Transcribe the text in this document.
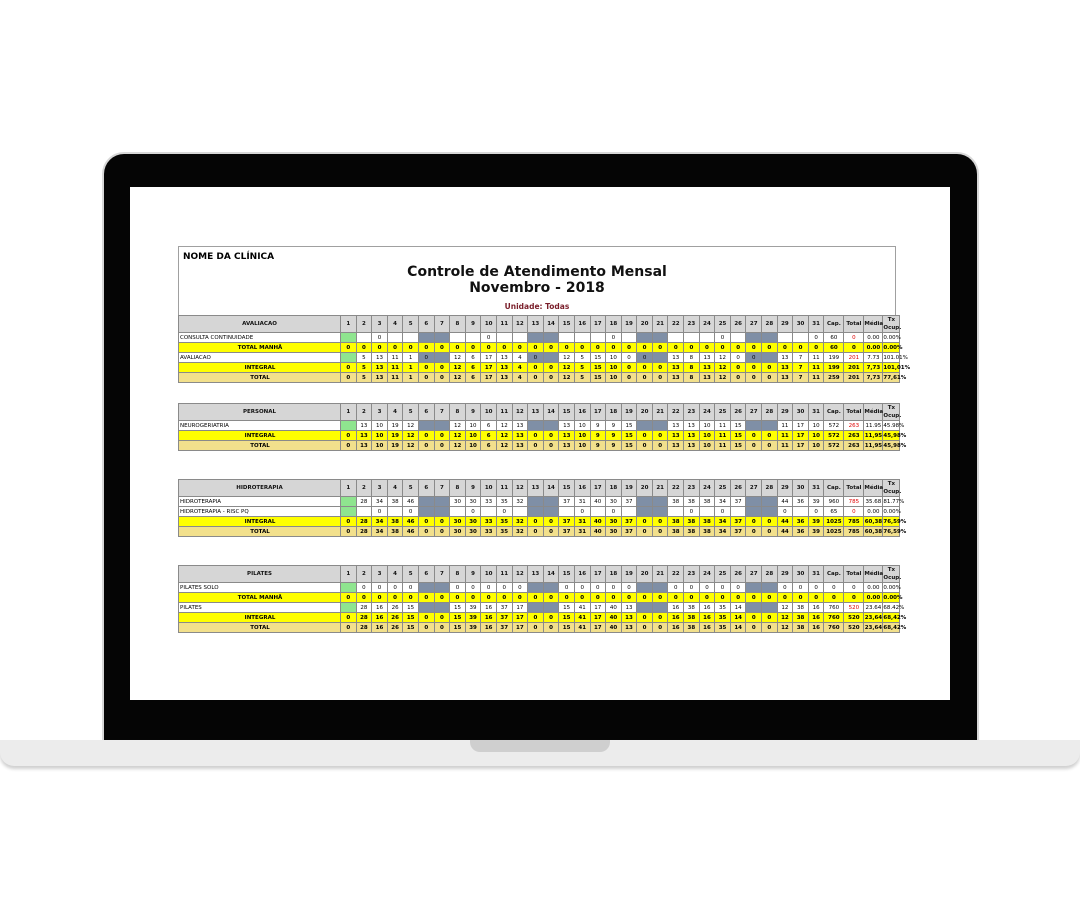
NOME DA CLÍNICA
Controle de Atendimento Mensal
Novembro - 2018
Unidade: Todas
AVALIACAO	1	2	3	4	5	6	7	8	9	10	11	12	13	14	15	16	17	18	19	20	21	22	23	24	25	26	27	28	29	30	31	Cap.	Total	Média	Tx Ocup.
CONSULTA CONTINUIDADE			0							0								0							0						0	60	0	0.00	0.00%
TOTAL MANHÃ	0	0	0	0	0	0	0	0	0	0	0	0	0	0	0	0	0	0	0	0	0	0	0	0	0	0	0	0	0	0	0	60	0	0.00	0.00%
AVALIACAO		5	13	11	1	0		12	6	17	13	4	0		12	5	15	10	0	0		13	8	13	12	0	0		13	7	11	199	201	7.73	101.01%
INTEGRAL	0	5	13	11	1	0	0	12	6	17	13	4	0	0	12	5	15	10	0	0	0	13	8	13	12	0	0	0	13	7	11	199	201	7,73	101,01%
TOTAL	0	5	13	11	1	0	0	12	6	17	13	4	0	0	12	5	15	10	0	0	0	13	8	13	12	0	0	0	13	7	11	259	201	7,73	77,61%
PERSONAL	1	2	3	4	5	6	7	8	9	10	11	12	13	14	15	16	17	18	19	20	21	22	23	24	25	26	27	28	29	30	31	Cap.	Total	Média	Tx Ocup.
NEUROGERIATRIA		13	10	19	12			12	10	6	12	13			13	10	9	9	15			13	13	10	11	15			11	17	10	572	263	11.95	45.98%
INTEGRAL	0	13	10	19	12	0	0	12	10	6	12	13	0	0	13	10	9	9	15	0	0	13	13	10	11	15	0	0	11	17	10	572	263	11,95	45,98%
TOTAL	0	13	10	19	12	0	0	12	10	6	12	13	0	0	13	10	9	9	15	0	0	13	13	10	11	15	0	0	11	17	10	572	263	11,95	45,98%
HIDROTERAPIA	1	2	3	4	5	6	7	8	9	10	11	12	13	14	15	16	17	18	19	20	21	22	23	24	25	26	27	28	29	30	31	Cap.	Total	Média	Tx Ocup.
HIDROTERAPIA		28	34	38	46			30	30	33	35	32			37	31	40	30	37			38	38	38	34	37			44	36	39	960	785	35.68	81.77%
HIDROTERAPIA - RISC PQ			0		0				0		0					0		0					0		0				0		0	65	0	0.00	0.00%
INTEGRAL	0	28	34	38	46	0	0	30	30	33	35	32	0	0	37	31	40	30	37	0	0	38	38	38	34	37	0	0	44	36	39	1025	785	60,38	76,59%
TOTAL	0	28	34	38	46	0	0	30	30	33	35	32	0	0	37	31	40	30	37	0	0	38	38	38	34	37	0	0	44	36	39	1025	785	60,38	76,59%
PILATES	1	2	3	4	5	6	7	8	9	10	11	12	13	14	15	16	17	18	19	20	21	22	23	24	25	26	27	28	29	30	31	Cap.	Total	Média	Tx Ocup.
PILATES SOLO		0	0	0	0			0	0	0	0	0			0	0	0	0	0			0	0	0	0	0			0	0	0	0	0	0.00	0.00%
TOTAL MANHÃ	0	0	0	0	0	0	0	0	0	0	0	0	0	0	0	0	0	0	0	0	0	0	0	0	0	0	0	0	0	0	0	0	0	0.00	0.00%
PILATES		28	16	26	15			15	39	16	37	17			15	41	17	40	13			16	38	16	35	14			12	38	16	760	520	23.64	68.42%
INTEGRAL	0	28	16	26	15	0	0	15	39	16	37	17	0	0	15	41	17	40	13	0	0	16	38	16	35	14	0	0	12	38	16	760	520	23,64	68,42%
TOTAL	0	28	16	26	15	0	0	15	39	16	37	17	0	0	15	41	17	40	13	0	0	16	38	16	35	14	0	0	12	38	16	760	520	23,64	68,42%
